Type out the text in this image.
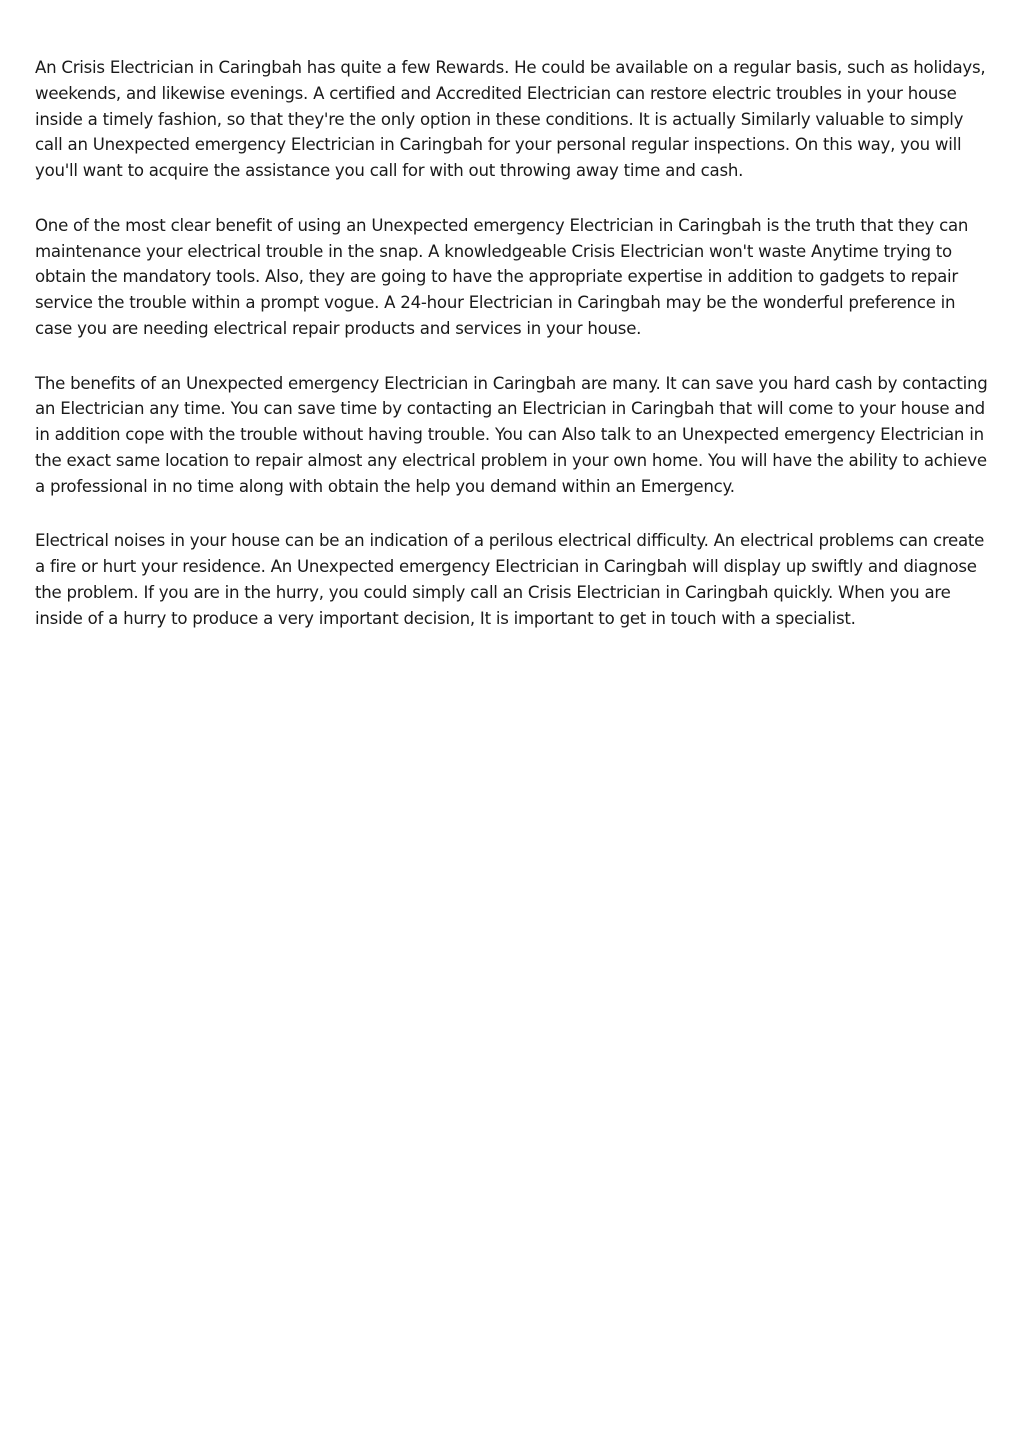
An Crisis Electrician in Caringbah has quite a few Rewards. He could be available on a regular basis, such as holidays, weekends, and likewise evenings. A certified and Accredited Electrician can restore electric troubles in your house inside a timely fashion, so that they're the only option in these conditions. It is actually Similarly valuable to simply call an Unexpected emergency Electrician in Caringbah for your personal regular inspections. On this way, you will you'll want to acquire the assistance you call for with out throwing away time and cash.

One of the most clear benefit of using an Unexpected emergency Electrician in Caringbah is the truth that they can maintenance your electrical trouble in the snap. A knowledgeable Crisis Electrician won't waste Anytime trying to obtain the mandatory tools. Also, they are going to have the appropriate expertise in addition to gadgets to repair service the trouble within a prompt vogue. A 24-hour Electrician in Caringbah may be the wonderful preference in case you are needing electrical repair products and services in your house.

The benefits of an Unexpected emergency Electrician in Caringbah are many. It can save you hard cash by contacting an Electrician any time. You can save time by contacting an Electrician in Caringbah that will come to your house and in addition cope with the trouble without having trouble. You can Also talk to an Unexpected emergency Electrician in the exact same location to repair almost any electrical problem in your own home. You will have the ability to achieve a professional in no time along with obtain the help you demand within an Emergency.

Electrical noises in your house can be an indication of a perilous electrical difficulty. An electrical problems can create a fire or hurt your residence. An Unexpected emergency Electrician in Caringbah will display up swiftly and diagnose the problem. If you are in the hurry, you could simply call an Crisis Electrician in Caringbah quickly. When you are inside of a hurry to produce a very important decision, It is important to get in touch with a specialist.
